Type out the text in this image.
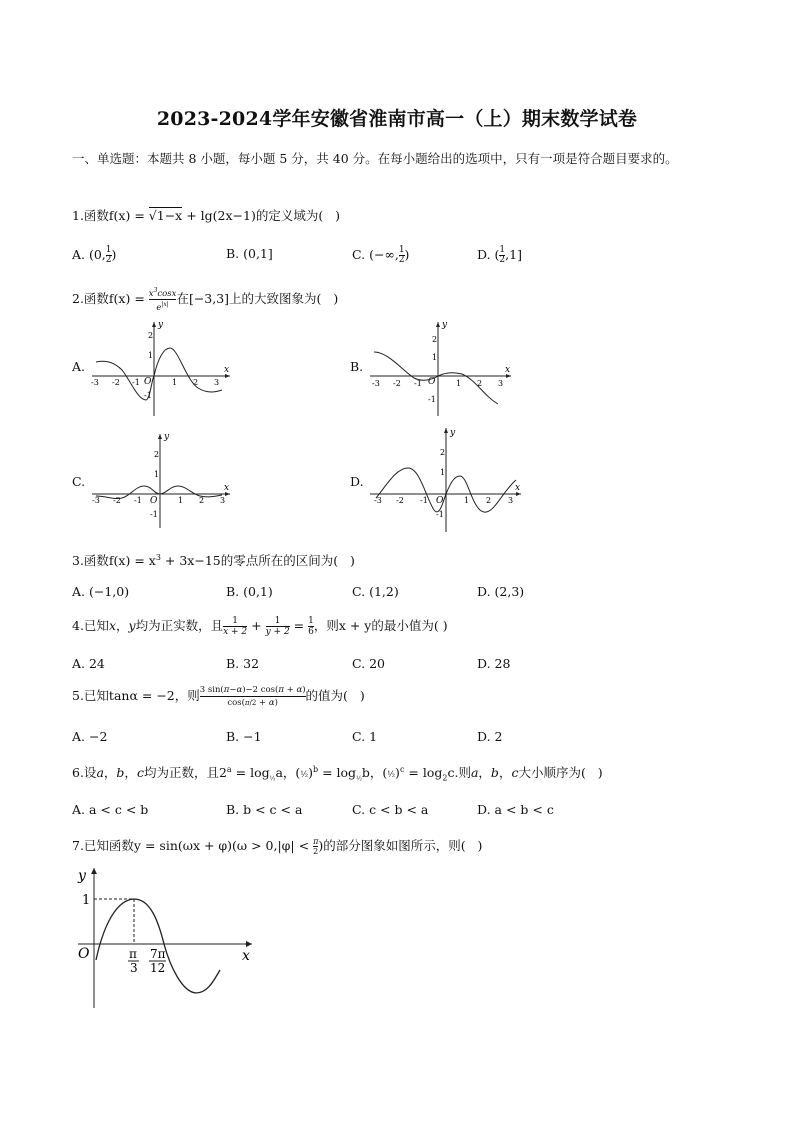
2023-2024学年安徽省淮南市高一（上）期末数学试卷
一、单选题：本题共 8 小题，每小题 5 分，共 40 分。在每小题给出的选项中，只有一项是符合题目要求的。
1.函数f(x) = √1−x + lg(2x−1)的定义域为(   )
A. (0, $\frac{1}{2}$ )	B. (0,1]	C. (−∞, $\frac{1}{2}$ )	D. ( $\frac{1}{2} ,1$]
2.函数$f(x) = \frac{x^3\cos x}{e^{|x|}}$ 在[−3,3]上的大致图象为(   )
A.
y
x
O
2
1
-1
-3 -2 -1	1 2 3
B.
y
x
O
2
1
-1
-3 -2 -1	1 2 3
C.
y
x
O
2
1
-1
-3 -2 -1	1 2 3
D.
y
x
O
2
1
-1
-3 -2 -1	1 2 3
3.函数$f(x) = x^3 + 3x-15$的零点所在的区间为(   )
A. (−1,0)	B. (0,1)	C. (1,2)	D. (2,3)
4.已知x，y均为正实数，且 $\frac{1}{x + 2} + \frac{1}{y + 2} = \frac{1}{6}$ ，则x + y的最小值为( )
A. 24	B. 32	C. 20	D. 28
5.已知tanα = −2，则 $\frac{3 \sin(\pi-\alpha)-2 \cos(\pi + \alpha)}{\cos(\pi/2 + \alpha)}$ 的值为(   )
A. −2	B. −1	C. 1	D. 2
6.设a，b，c均为正数，且$2^a = \log_{\frac{1}{2}}a$，(½)$^b$ = $\log_{\frac{1}{2}}b$，(½)$^c$ = $\log_2c$.则a，b，c大小顺序为(   )
A. a < c < b	B. b < c < a	C. c < b < a	D. a < b < c
7.已知函数$y = \sin(\omega x + \varphi)(\omega > 0,|\varphi| < \frac{\pi}{2}$ )的部分图象如图所示，则(   )
y
x
O
1
π
3
7π
12
